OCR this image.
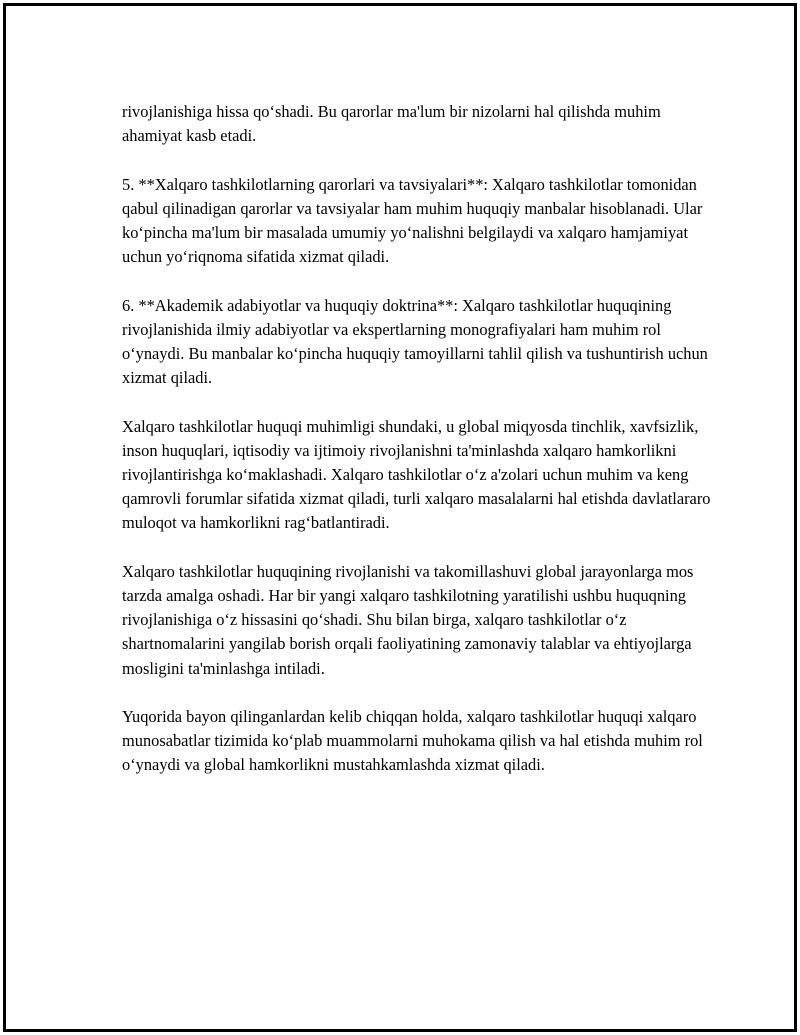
rivojlanishiga hissa qo‘shadi. Bu qarorlar ma'lum bir nizolarni hal qilishda muhim ahamiyat kasb etadi.

5. **Xalqaro tashkilotlarning qarorlari va tavsiyalari**: Xalqaro tashkilotlar tomonidan qabul qilinadigan qarorlar va tavsiyalar ham muhim huquqiy manbalar hisoblanadi. Ular ko‘pincha ma'lum bir masalada umumiy yo‘nalishni belgilaydi va xalqaro hamjamiyat uchun yo‘riqnoma sifatida xizmat qiladi.

6. **Akademik adabiyotlar va huquqiy doktrina**: Xalqaro tashkilotlar huquqining rivojlanishida ilmiy adabiyotlar va ekspertlarning monografiyalari ham muhim rol o‘ynaydi. Bu manbalar ko‘pincha huquqiy tamoyillarni tahlil qilish va tushuntirish uchun xizmat qiladi.

Xalqaro tashkilotlar huquqi muhimligi shundaki, u global miqyosda tinchlik, xavfsizlik, inson huquqlari, iqtisodiy va ijtimoiy rivojlanishni ta'minlashda xalqaro hamkorlikni rivojlantirishga ko‘maklashadi. Xalqaro tashkilotlar o‘z a'zolari uchun muhim va keng qamrovli forumlar sifatida xizmat qiladi, turli xalqaro masalalarni hal etishda davlatlararo muloqot va hamkorlikni rag‘batlantiradi.

Xalqaro tashkilotlar huquqining rivojlanishi va takomillashuvi global jarayonlarga mos tarzda amalga oshadi. Har bir yangi xalqaro tashkilotning yaratilishi ushbu huquqning rivojlanishiga o‘z hissasini qo‘shadi. Shu bilan birga, xalqaro tashkilotlar o‘z shartnomalarini yangilab borish orqali faoliyatining zamonaviy talablar va ehtiyojlarga mosligini ta'minlashga intiladi.

Yuqorida bayon qilinganlardan kelib chiqqan holda, xalqaro tashkilotlar huquqi xalqaro munosabatlar tizimida ko‘plab muammolarni muhokama qilish va hal etishda muhim rol o‘ynaydi va global hamkorlikni mustahkamlashda xizmat qiladi.
